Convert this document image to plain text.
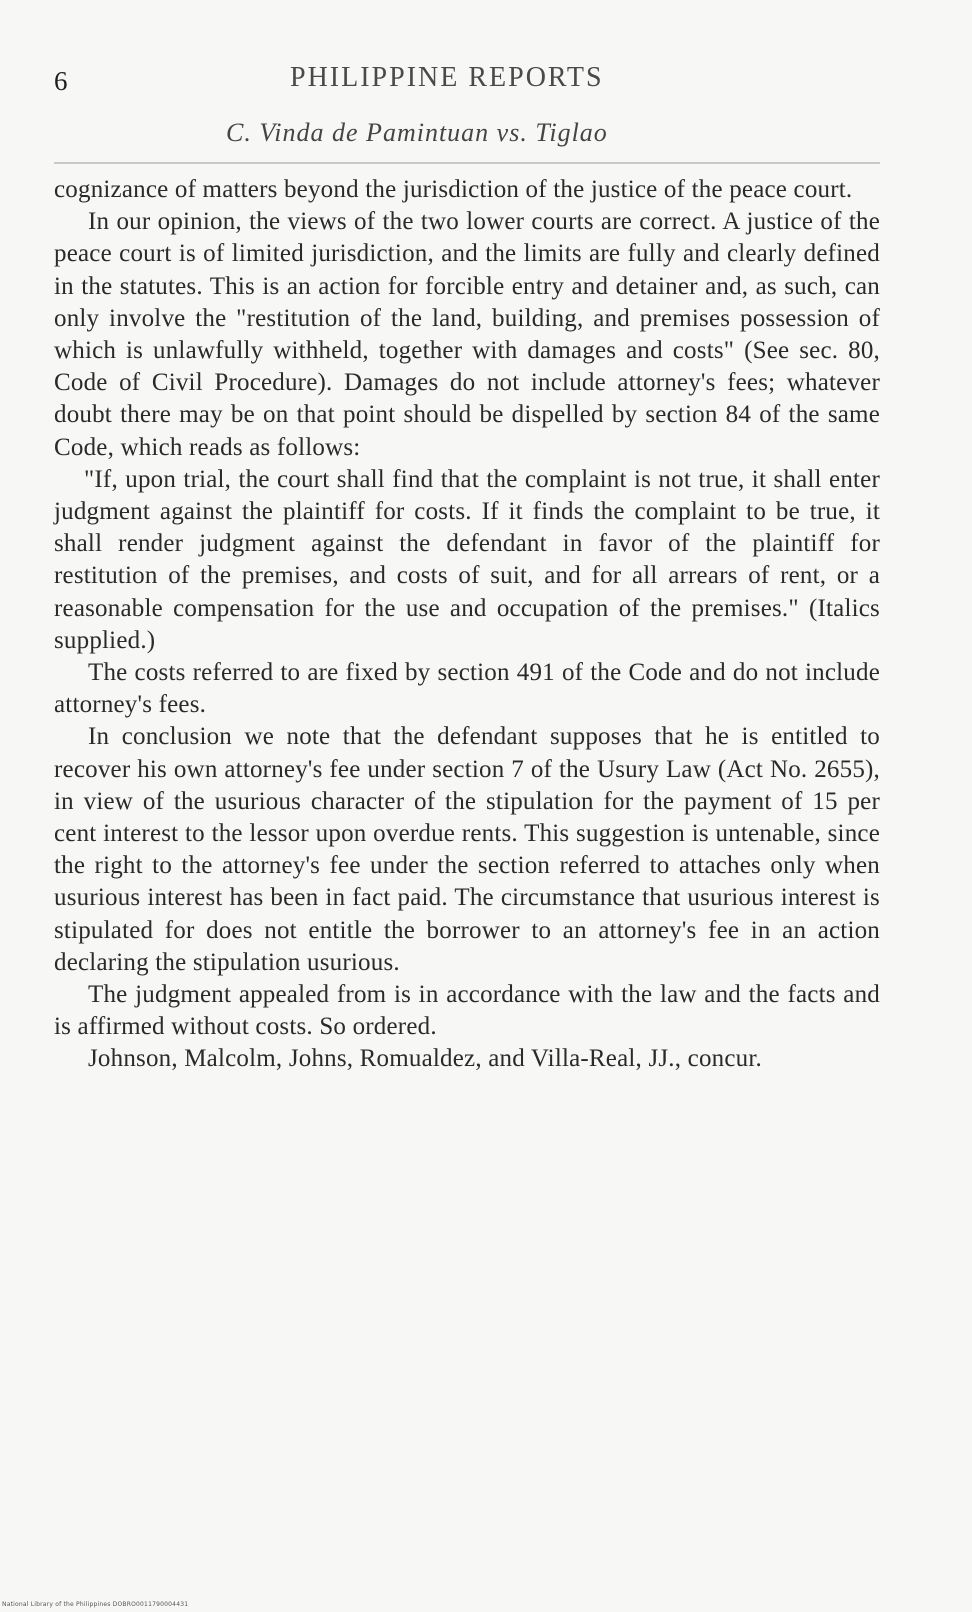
6	PHILIPPINE REPORTS
C. Vinda de Pamintuan vs. Tiglao

cognizance of matters beyond the jurisdiction of the justice of the peace court.

In our opinion, the views of the two lower courts are correct. A justice of the peace court is of limited jurisdiction, and the limits are fully and clearly defined in the statutes. This is an action for forcible entry and detainer and, as such, can only involve the "restitution of the land, building, and premises possession of which is unlawfully withheld, together with damages and costs" (See sec. 80, Code of Civil Procedure). Damages do not include attorney's fees; whatever doubt there may be on that point should be dispelled by section 84 of the same Code, which reads as follows:

"If, upon trial, the court shall find that the complaint is not true, it shall enter judgment against the plaintiff for costs. If it finds the complaint to be true, it shall render judgment against the defendant in favor of the plaintiff for restitution of the premises, and costs of suit, and for all arrears of rent, or a reasonable compensation for the use and occupation of the premises." (Italics supplied.)

The costs referred to are fixed by section 491 of the Code and do not include attorney's fees.

In conclusion we note that the defendant supposes that he is entitled to recover his own attorney's fee under section 7 of the Usury Law (Act No. 2655), in view of the usurious character of the stipulation for the payment of 15 per cent interest to the lessor upon overdue rents. This suggestion is untenable, since the right to the attorney's fee under the section referred to attaches only when usurious interest has been in fact paid. The circumstance that usurious interest is stipulated for does not entitle the borrower to an attorney's fee in an action declaring the stipulation usurious.

The judgment appealed from is in accordance with the law and the facts and is affirmed without costs. So ordered.

Johnson, Malcolm, Johns, Romualdez, and Villa-Real, JJ., concur.

National Library of the Philippines DOBRO0011790004431
